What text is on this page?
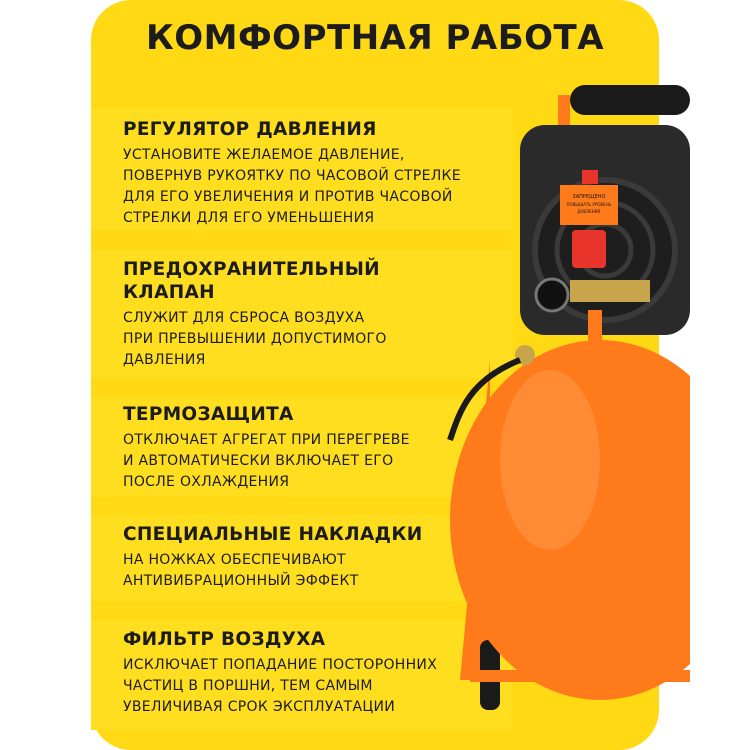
КОМФОРТНАЯ РАБОТА
ЗАПРЕЩЕНО
ПОВЫШАТЬ УРОВЕНЬ
ДАВЛЕНИЯ
РЕГУЛЯТОР ДАВЛЕНИЯ

УСТАНОВИТЕ ЖЕЛАЕМОЕ ДАВЛЕНИЕ,
ПОВЕРНУВ РУКОЯТКУ ПО ЧАСОВОЙ СТРЕЛКЕ
ДЛЯ ЕГО УВЕЛИЧЕНИЯ И ПРОТИВ ЧАСОВОЙ
СТРЕЛКИ ДЛЯ ЕГО УМЕНЬШЕНИЯ

ПРЕДОХРАНИТЕЛЬНЫЙ
КЛАПАН

СЛУЖИТ ДЛЯ СБРОСА ВОЗДУХА
ПРИ ПРЕВЫШЕНИИ ДОПУСТИМОГО
ДАВЛЕНИЯ

ТЕРМОЗАЩИТА

ОТКЛЮЧАЕТ АГРЕГАТ ПРИ ПЕРЕГРЕВЕ
И АВТОМАТИЧЕСКИ ВКЛЮЧАЕТ ЕГО
ПОСЛЕ ОХЛАЖДЕНИЯ

СПЕЦИАЛЬНЫЕ НАКЛАДКИ

НА НОЖКАХ ОБЕСПЕЧИВАЮТ
АНТИВИБРАЦИОННЫЙ ЭФФЕКТ

ФИЛЬТР ВОЗДУХА

ИСКЛЮЧАЕТ ПОПАДАНИЕ ПОСТОРОННИХ
ЧАСТИЦ В ПОРШНИ, ТЕМ САМЫМ
УВЕЛИЧИВАЯ СРОК ЭКСПЛУАТАЦИИ
